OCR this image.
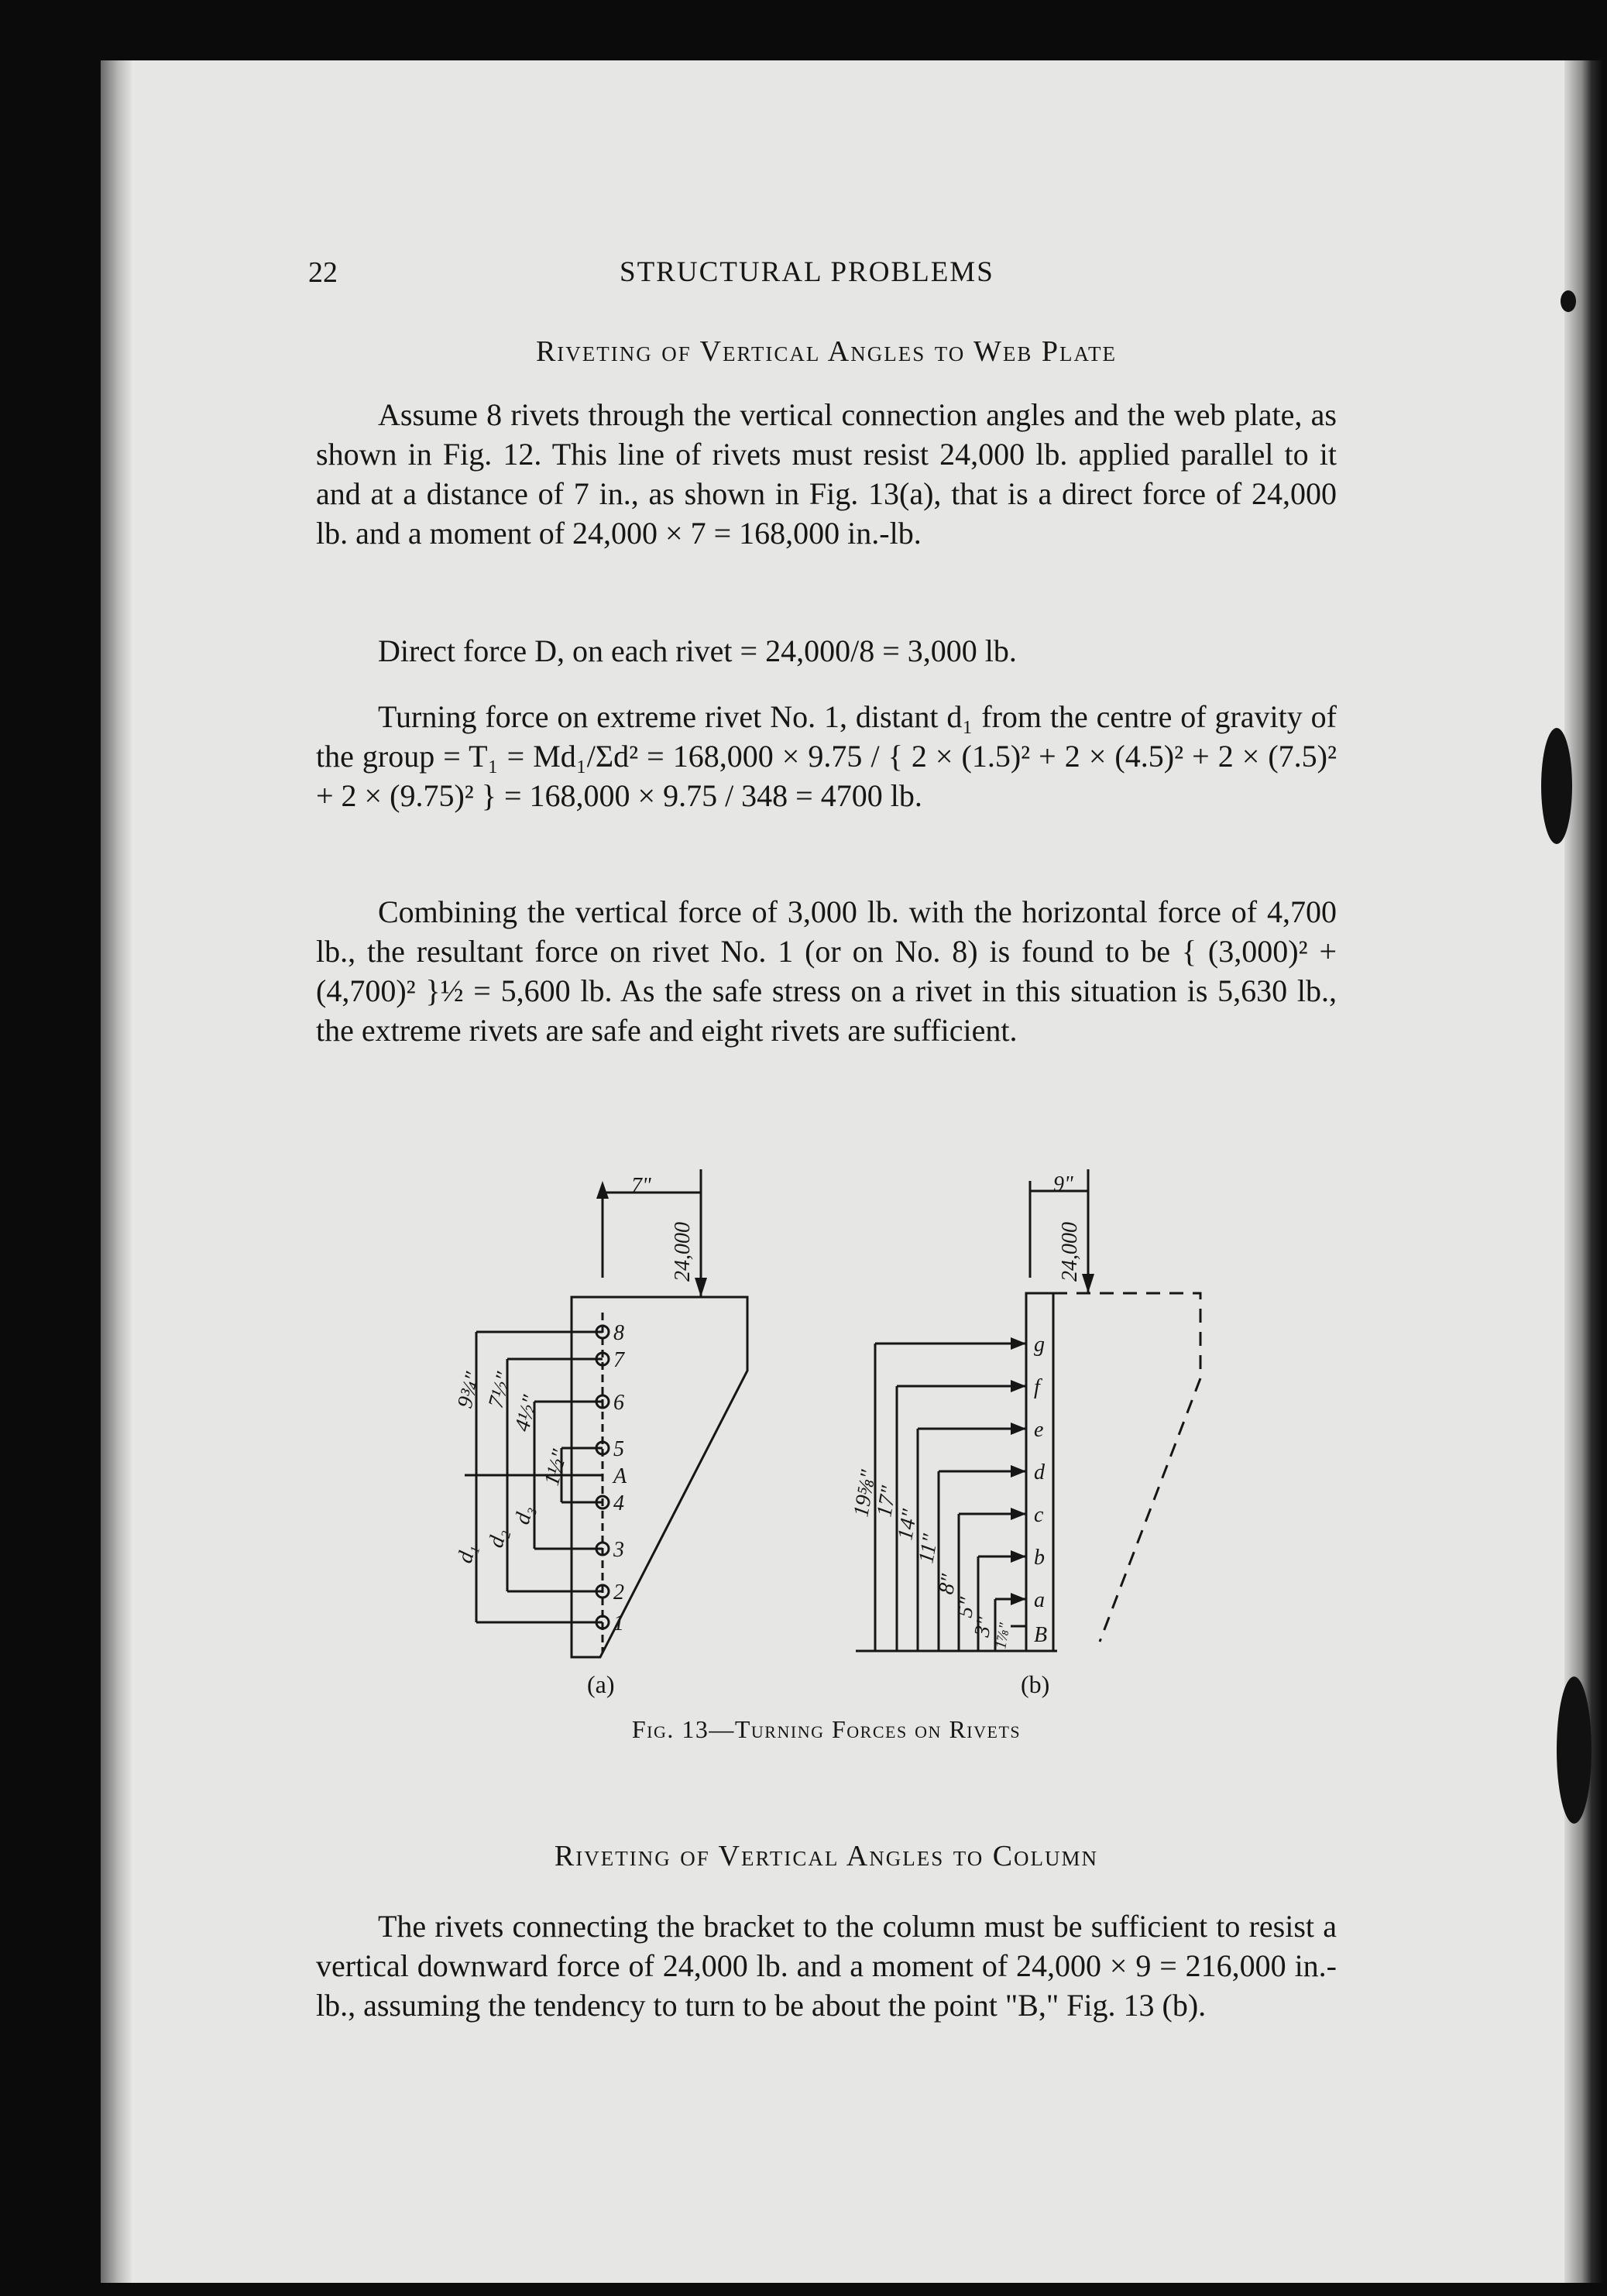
22	STRUCTURAL PROBLEMS
Riveting of Vertical Angles to Web Plate
Assume 8 rivets through the vertical connection angles and the web plate, as shown in Fig. 12. This line of rivets must resist 24,000 lb. applied parallel to it and at a distance of 7 in., as shown in Fig. 13(a), that is a direct force of 24,000 lb. and a moment of 24,000 × 7 = 168,000 in.-lb.
Direct force D, on each rivet = 24,000/8 = 3,000 lb.
Turning force on extreme rivet No. 1, distant d₁ from the centre of gravity of the group = T₁ = Md₁/Σd² = 168,000 × 9.75 / { 2 × (1.5)² + 2 × (4.5)² + 2 × (7.5)² + 2 × (9.75)² } = 168,000 × 9.75 / 348 = 4700 lb.
Combining the vertical force of 3,000 lb. with the horizontal force of 4,700 lb., the resultant force on rivet No. 1 (or on No. 8) is found to be { (3,000)² + (4,700)² }½ = 5,600 lb. As the safe stress on a rivet in this situation is 5,630 lb., the extreme rivets are safe and eight rivets are sufficient.
8
7
6
5
A
4
3
2
1
7"
24,000
9¾"
7½"
4½"
1½"
d₁
d₂
d₃
g
f
e
d
c
b
a
B
9"
24,000
19⅝"
17"
14"
11"
8"
5"
3"
1⅞"
(a)	(b)
Fig. 13—Turning Forces on Rivets
Riveting of Vertical Angles to Column
The rivets connecting the bracket to the column must be sufficient to resist a vertical downward force of 24,000 lb. and a moment of 24,000 × 9 = 216,000 in.-lb., assuming the tendency to turn to be about the point "B," Fig. 13 (b).
